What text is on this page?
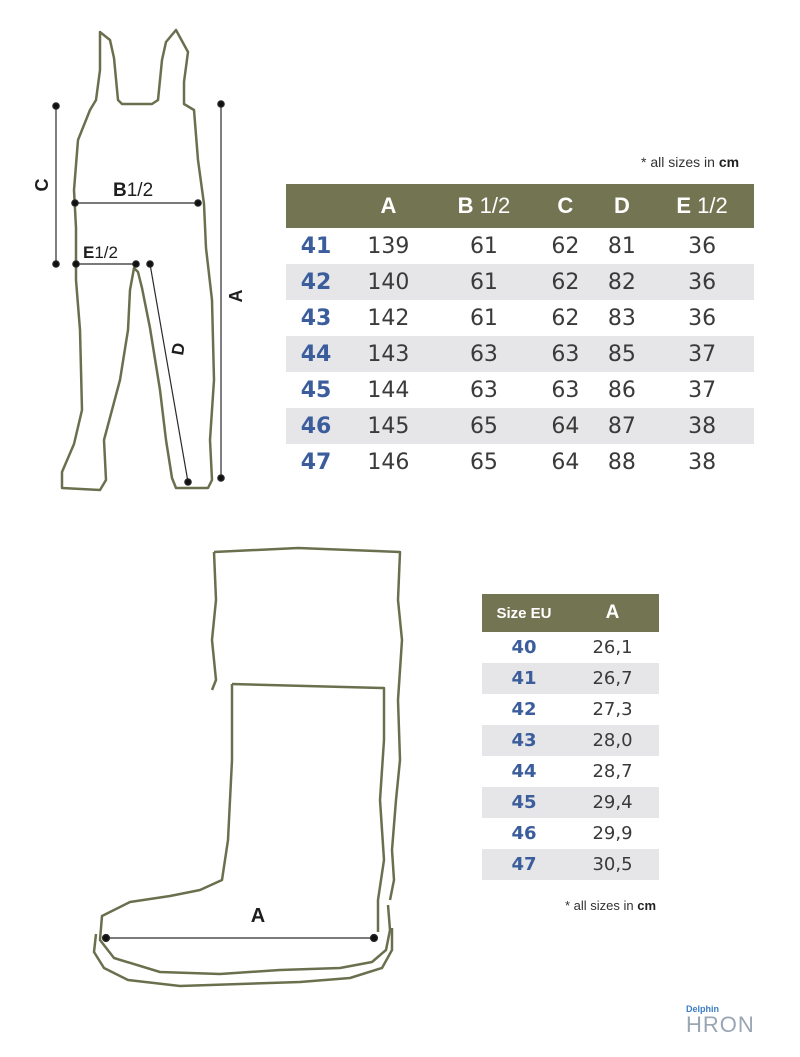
C	B1/2
E1/2
D
A
A
* all sizes in cm
	A	B 1/2	C	D	E 1/2
41	139	61	62	81	36
42	140	61	62	82	36
43	142	61	62	83	36
44	143	63	63	85	37
45	144	63	63	86	37
46	145	65	64	87	38
47	146	65	64	88	38
Size EU	A
40	26,1
41	26,7
42	27,3
43	28,0
44	28,7
45	29,4
46	29,9
47	30,5
* all sizes in cm
Delphin
HRON
